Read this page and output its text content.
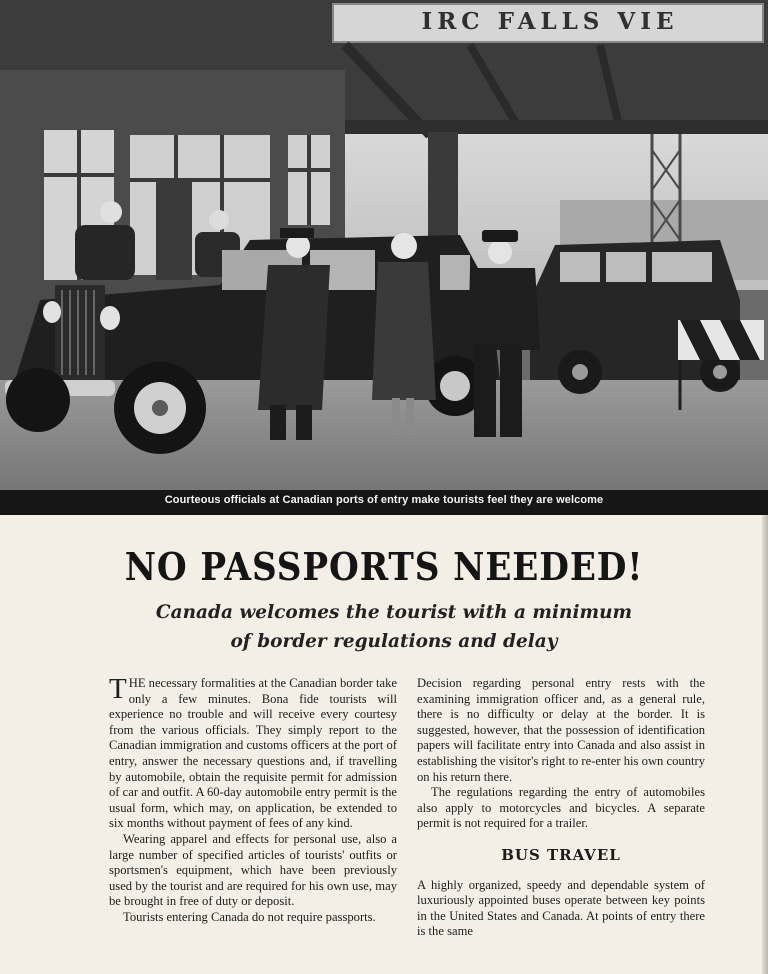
IRC FALLS VIE
Courteous officials at Canadian ports of entry make tourists feel they are welcome
NO PASSPORTS NEEDED!
Canada welcomes the tourist with a minimum
of border regulations and delay

THE necessary formalities at the Canadian border take only a few minutes. Bona fide tourists will experience no trouble and will receive every courtesy from the various officials. They simply report to the Canadian immigration and customs officers at the port of entry, answer the necessary questions and, if travelling by automobile, obtain the requisite permit for admission of car and outfit. A 60-day automobile entry permit is the usual form, which may, on application, be extended to six months without payment of fees of any kind.

Wearing apparel and effects for personal use, also a large number of specified articles of tourists' outfits or sportsmen's equipment, which have been previously used by the tourist and are required for his own use, may be brought in free of duty or deposit.

Tourists entering Canada do not require passports.

Decision regarding personal entry rests with the examining immigration officer and, as a general rule, there is no difficulty or delay at the border. It is suggested, however, that the possession of identification papers will facilitate entry into Canada and also assist in establishing the visitor's right to re-enter his own country on his return there.

The regulations regarding the entry of automobiles also apply to motorcycles and bicycles. A separate permit is not required for a trailer.

BUS TRAVEL

A highly organized, speedy and dependable system of luxuriously appointed buses operate between key points in the United States and Canada. At points of entry there is the same
